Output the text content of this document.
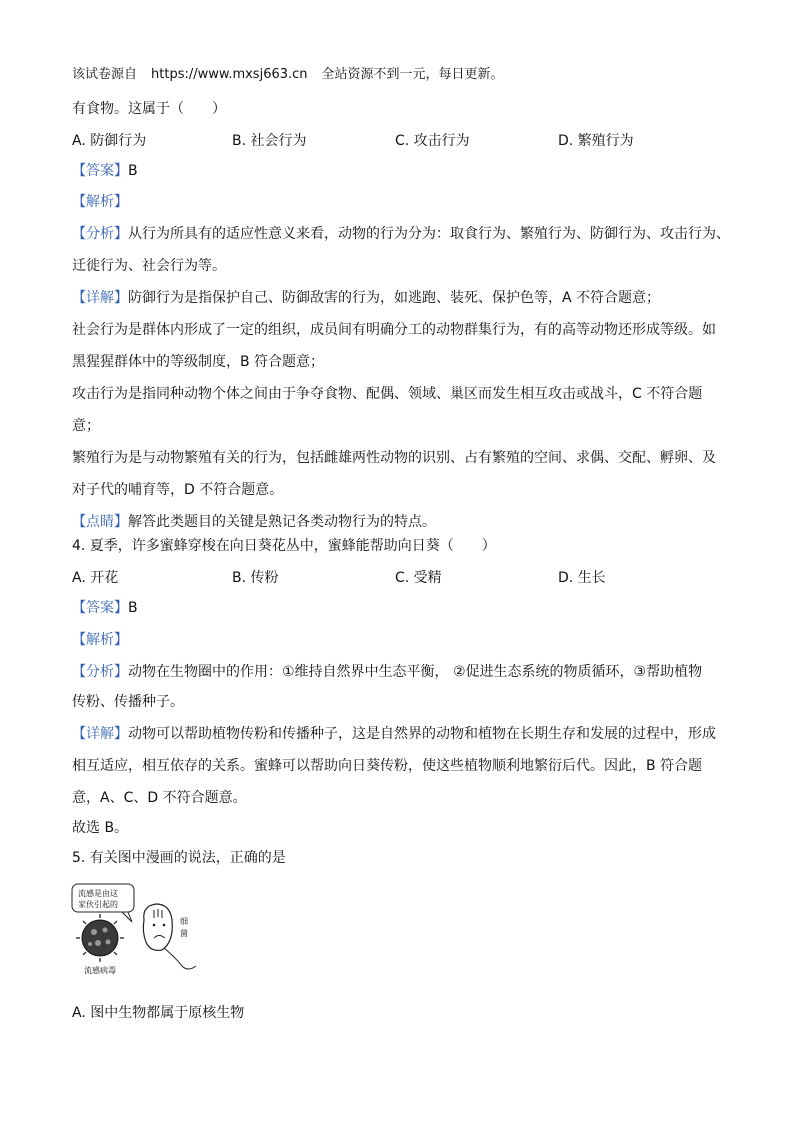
该试卷源自 https://www.mxsj663.cn 全站资源不到一元，每日更新。
有食物。这属于（　　）
A. 防御行为	B. 社会行为	C. 攻击行为	D. 繁殖行为
【答案】B
【解析】
【分析】从行为所具有的适应性意义来看，动物的行为分为：取食行为、繁殖行为、防御行为、攻击行为、
迁徙行为、社会行为等。
【详解】防御行为是指保护自己、防御敌害的行为，如逃跑、装死、保护色等，A 不符合题意；
社会行为是群体内形成了一定的组织，成员间有明确分工的动物群集行为，有的高等动物还形成等级。如
黑猩猩群体中的等级制度，B 符合题意；
攻击行为是指同种动物个体之间由于争夺食物、配偶、领域、巢区而发生相互攻击或战斗，C 不符合题
意；
繁殖行为是与动物繁殖有关的行为，包括雌雄两性动物的识别、占有繁殖的空间、求偶、交配、孵卵、及
对子代的哺育等，D 不符合题意。
【点睛】解答此类题目的关键是熟记各类动物行为的特点。
4. 夏季，许多蜜蜂穿梭在向日葵花丛中，蜜蜂能帮助向日葵（　　）
A. 开花	B. 传粉	C. 受精	D. 生长
【答案】B
【解析】
【分析】动物在生物圈中的作用：①维持自然界中生态平衡， ②促进生态系统的物质循环，③帮助植物
传粉、传播种子。
【详解】动物可以帮助植物传粉和传播种子，这是自然界的动物和植物在长期生存和发展的过程中，形成
相互适应，相互依存的关系。蜜蜂可以帮助向日葵传粉，使这些植物顺利地繁衍后代。因此，B 符合题
意，A、C、D 不符合题意。
故选 B。
5. 有关图中漫画的说法，正确的是
流感是由这
家伙引起的
流感病毒
细
菌
A. 图中生物都属于原核生物
